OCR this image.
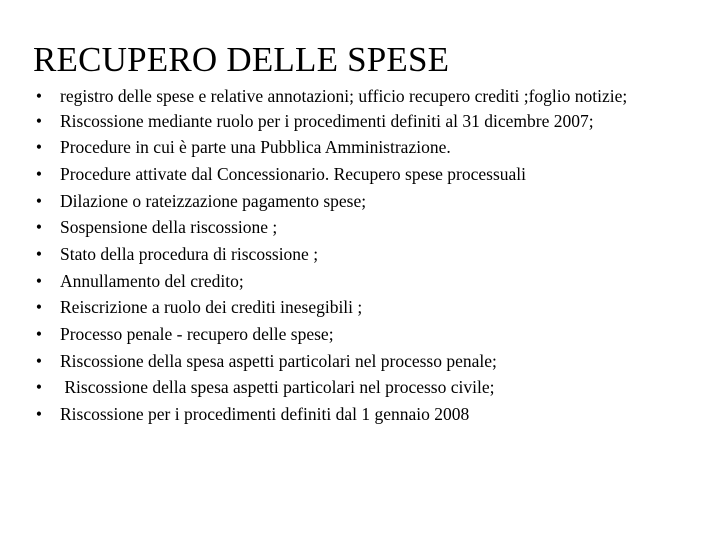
RECUPERO DELLE SPESE
• registro delle spese e relative annotazioni; ufficio recupero crediti ;foglio notizie;
• Riscossione mediante ruolo per i procedimenti definiti al 31 dicembre 2007;
• Procedure in cui è parte una Pubblica Amministrazione.
• Procedure attivate dal Concessionario. Recupero spese processuali
• Dilazione o rateizzazione pagamento spese;
• Sospensione della riscossione ;
• Stato della procedura di riscossione ;
• Annullamento del credito;
• Reiscrizione a ruolo dei crediti inesegibili ;
• Processo penale - recupero delle spese;
• Riscossione della spesa aspetti particolari nel processo penale;
• Riscossione della spesa aspetti particolari nel processo civile;
• Riscossione per i procedimenti definiti dal 1 gennaio 2008
